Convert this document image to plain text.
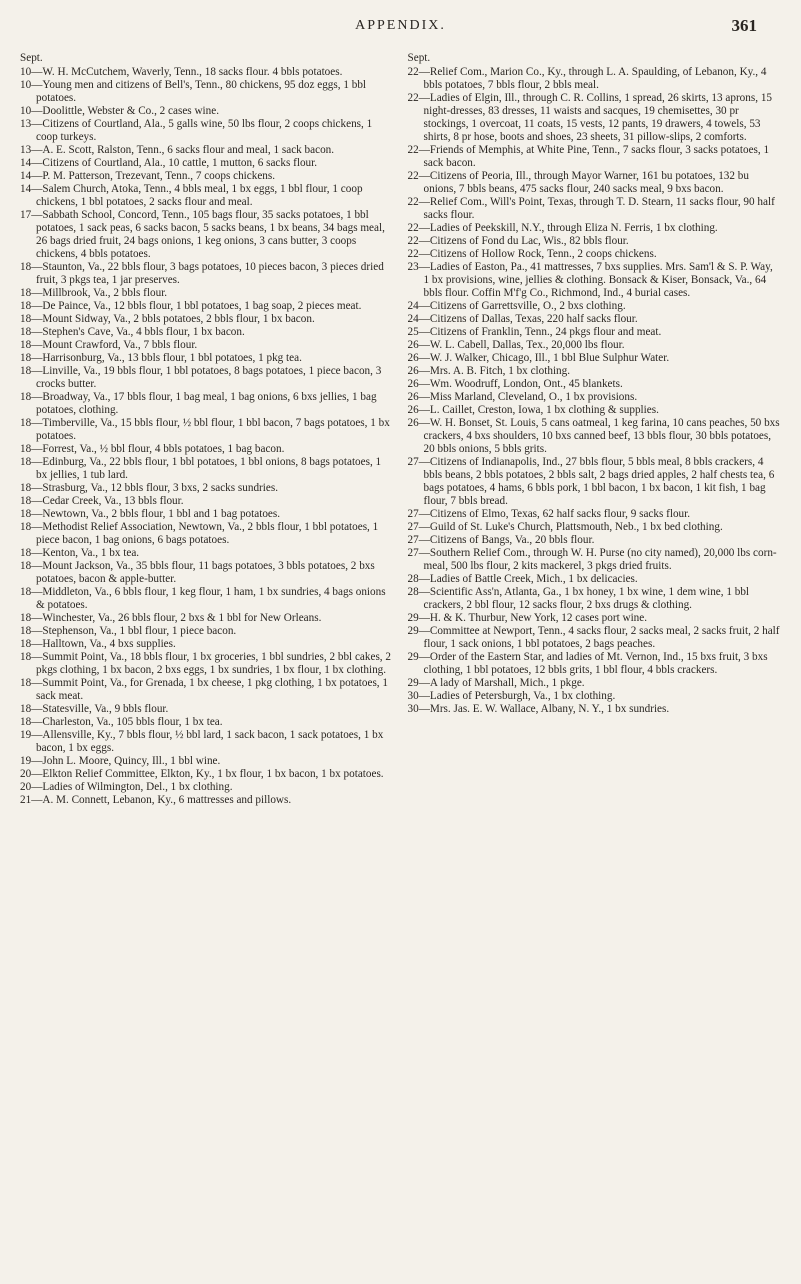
APPENDIX.	361
Sept.

10—W. H. McCutchem, Waverly, Tenn., 18 sacks flour. 4 bbls potatoes.

10—Young men and citizens of Bell's, Tenn., 80 chickens, 95 doz eggs, 1 bbl potatoes.

10—Doolittle, Webster & Co., 2 cases wine.

13—Citizens of Courtland, Ala., 5 galls wine, 50 lbs flour, 2 coops chickens, 1 coop turkeys.

13—A. E. Scott, Ralston, Tenn., 6 sacks flour and meal, 1 sack bacon.

14—Citizens of Courtland, Ala., 10 cattle, 1 mutton, 6 sacks flour.

14—P. M. Patterson, Trezevant, Tenn., 7 coops chickens.

14—Salem Church, Atoka, Tenn., 4 bbls meal, 1 bx eggs, 1 bbl flour, 1 coop chickens, 1 bbl potatoes, 2 sacks flour and meal.

17—Sabbath School, Concord, Tenn., 105 bags flour, 35 sacks potatoes, 1 bbl potatoes, 1 sack peas, 6 sacks bacon, 5 sacks beans, 1 bx beans, 34 bags meal, 26 bags dried fruit, 24 bags onions, 1 keg onions, 3 cans butter, 3 coops chickens, 4 bbls potatoes.

18—Staunton, Va., 22 bbls flour, 3 bags potatoes, 10 pieces bacon, 3 pieces dried fruit, 3 pkgs tea, 1 jar preserves.

18—Millbrook, Va., 2 bbls flour.

18—De Paince, Va., 12 bbls flour, 1 bbl potatoes, 1 bag soap, 2 pieces meat.

18—Mount Sidway, Va., 2 bbls potatoes, 2 bbls flour, 1 bx bacon.

18—Stephen's Cave, Va., 4 bbls flour, 1 bx bacon.

18—Mount Crawford, Va., 7 bbls flour.

18—Harrisonburg, Va., 13 bbls flour, 1 bbl potatoes, 1 pkg tea.

18—Linville, Va., 19 bbls flour, 1 bbl potatoes, 8 bags potatoes, 1 piece bacon, 3 crocks butter.

18—Broadway, Va., 17 bbls flour, 1 bag meal, 1 bag onions, 6 bxs jellies, 1 bag potatoes, clothing.

18—Timberville, Va., 15 bbls flour, ½ bbl flour, 1 bbl bacon, 7 bags potatoes, 1 bx potatoes.

18—Forrest, Va., ½ bbl flour, 4 bbls potatoes, 1 bag bacon.

18—Edinburg, Va., 22 bbls flour, 1 bbl potatoes, 1 bbl onions, 8 bags potatoes, 1 bx jellies, 1 tub lard.

18—Strasburg, Va., 12 bbls flour, 3 bxs, 2 sacks sundries.

18—Cedar Creek, Va., 13 bbls flour.

18—Newtown, Va., 2 bbls flour, 1 bbl and 1 bag potatoes.

18—Methodist Relief Association, Newtown, Va., 2 bbls flour, 1 bbl potatoes, 1 piece bacon, 1 bag onions, 6 bags potatoes.

18—Kenton, Va., 1 bx tea.

18—Mount Jackson, Va., 35 bbls flour, 11 bags potatoes, 3 bbls potatoes, 2 bxs potatoes, bacon & apple-butter.

18—Middleton, Va., 6 bbls flour, 1 keg flour, 1 ham, 1 bx sundries, 4 bags onions & potatoes.

18—Winchester, Va., 26 bbls flour, 2 bxs & 1 bbl for New Orleans.

18—Stephenson, Va., 1 bbl flour, 1 piece bacon.

18—Halltown, Va., 4 bxs supplies.

18—Summit Point, Va., 18 bbls flour, 1 bx groceries, 1 bbl sundries, 2 bbl cakes, 2 pkgs clothing, 1 bx bacon, 2 bxs eggs, 1 bx sundries, 1 bx flour, 1 bx clothing.

18—Summit Point, Va., for Grenada, 1 bx cheese, 1 pkg clothing, 1 bx potatoes, 1 sack meat.

18—Statesville, Va., 9 bbls flour.

18—Charleston, Va., 105 bbls flour, 1 bx tea.

19—Allensville, Ky., 7 bbls flour, ½ bbl lard, 1 sack bacon, 1 sack potatoes, 1 bx bacon, 1 bx eggs.

19—John L. Moore, Quincy, Ill., 1 bbl wine.

20—Elkton Relief Committee, Elkton, Ky., 1 bx flour, 1 bx bacon, 1 bx potatoes.

20—Ladies of Wilmington, Del., 1 bx clothing.

21—A. M. Connett, Lebanon, Ky., 6 mattresses and pillows.

Sept.

22—Relief Com., Marion Co., Ky., through L. A. Spaulding, of Lebanon, Ky., 4 bbls potatoes, 7 bbls flour, 2 bbls meal.

22—Ladies of Elgin, Ill., through C. R. Collins, 1 spread, 26 skirts, 13 aprons, 15 night-dresses, 83 dresses, 11 waists and sacques, 19 chemisettes, 30 pr stockings, 1 overcoat, 11 coats, 15 vests, 12 pants, 19 drawers, 4 towels, 53 shirts, 8 pr hose, boots and shoes, 23 sheets, 31 pillow-slips, 2 comforts.

22—Friends of Memphis, at White Pine, Tenn., 7 sacks flour, 3 sacks potatoes, 1 sack bacon.

22—Citizens of Peoria, Ill., through Mayor Warner, 161 bu potatoes, 132 bu onions, 7 bbls beans, 475 sacks flour, 240 sacks meal, 9 bxs bacon.

22—Relief Com., Will's Point, Texas, through T. D. Stearn, 11 sacks flour, 90 half sacks flour.

22—Ladies of Peekskill, N.Y., through Eliza N. Ferris, 1 bx clothing.

22—Citizens of Fond du Lac, Wis., 82 bbls flour.

22—Citizens of Hollow Rock, Tenn., 2 coops chickens.

23—Ladies of Easton, Pa., 41 mattresses, 7 bxs supplies. Mrs. Sam'l & S. P. Way, 1 bx provisions, wine, jellies & clothing. Bonsack & Kiser, Bonsack, Va., 64 bbls flour. Coffin M'f'g Co., Richmond, Ind., 4 burial cases.

24—Citizens of Garrettsville, O., 2 bxs clothing.

24—Citizens of Dallas, Texas, 220 half sacks flour.

25—Citizens of Franklin, Tenn., 24 pkgs flour and meat.

26—W. L. Cabell, Dallas, Tex., 20,000 lbs flour.

26—W. J. Walker, Chicago, Ill., 1 bbl Blue Sulphur Water.

26—Mrs. A. B. Fitch, 1 bx clothing.

26—Wm. Woodruff, London, Ont., 45 blankets.

26—Miss Marland, Cleveland, O., 1 bx provisions.

26—L. Caillet, Creston, Iowa, 1 bx clothing & supplies.

26—W. H. Bonset, St. Louis, 5 cans oatmeal, 1 keg farina, 10 cans peaches, 50 bxs crackers, 4 bxs shoulders, 10 bxs canned beef, 13 bbls flour, 30 bbls potatoes, 20 bbls onions, 5 bbls grits.

27—Citizens of Indianapolis, Ind., 27 bbls flour, 5 bbls meal, 8 bbls crackers, 4 bbls beans, 2 bbls potatoes, 2 bbls salt, 2 bags dried apples, 2 half chests tea, 6 bags potatoes, 4 hams, 6 bbls pork, 1 bbl bacon, 1 bx bacon, 1 kit fish, 1 bag flour, 7 bbls bread.

27—Citizens of Elmo, Texas, 62 half sacks flour, 9 sacks flour.

27—Guild of St. Luke's Church, Plattsmouth, Neb., 1 bx bed clothing.

27—Citizens of Bangs, Va., 20 bbls flour.

27—Southern Relief Com., through W. H. Purse (no city named), 20,000 lbs corn-meal, 500 lbs flour, 2 kits mackerel, 3 pkgs dried fruits.

28—Ladies of Battle Creek, Mich., 1 bx delicacies.

28—Scientific Ass'n, Atlanta, Ga., 1 bx honey, 1 bx wine, 1 dem wine, 1 bbl crackers, 2 bbl flour, 12 sacks flour, 2 bxs drugs & clothing.

29—H. & K. Thurbur, New York, 12 cases port wine.

29—Committee at Newport, Tenn., 4 sacks flour, 2 sacks meal, 2 sacks fruit, 2 half flour, 1 sack onions, 1 bbl potatoes, 2 bags peaches.

29—Order of the Eastern Star, and ladies of Mt. Vernon, Ind., 15 bxs fruit, 3 bxs clothing, 1 bbl potatoes, 12 bbls grits, 1 bbl flour, 4 bbls crackers.

29—A lady of Marshall, Mich., 1 pkge.

30—Ladies of Petersburgh, Va., 1 bx clothing.

30—Mrs. Jas. E. W. Wallace, Albany, N. Y., 1 bx sundries.
